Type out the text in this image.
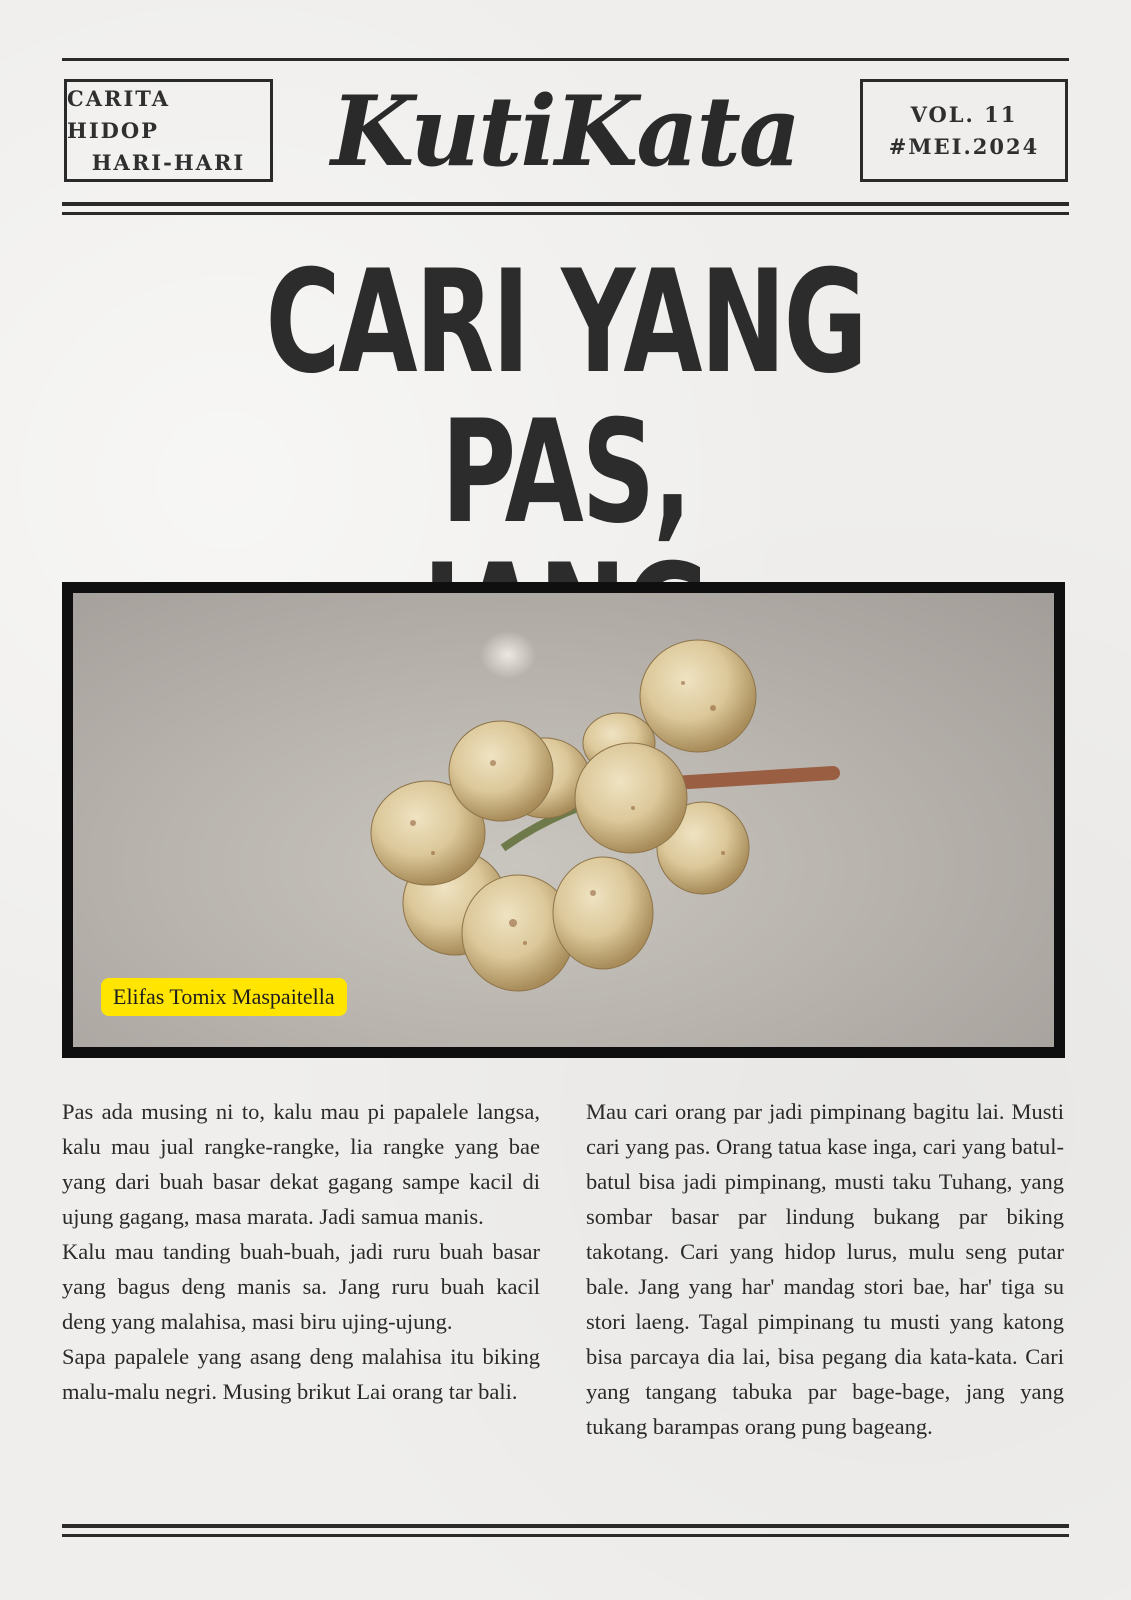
CARITA HIDOP
HARI-HARI KutiKata	VOL. 11
#MEI.2024
CARI YANG PAS,
Elifas Tomix Maspaitella

Pas ada musing ni to, kalu mau pi papalele langsa, kalu mau jual rangke-rangke, lia rangke yang bae yang dari buah basar dekat gagang sampe kacil di ujung gagang, masa marata. Jadi samua manis.

Kalu mau tanding buah-buah, jadi ruru buah basar yang bagus deng manis sa. Jang ruru buah kacil deng yang malahisa, masi biru ujing-ujung.

Sapa papalele yang asang deng malahisa itu biking malu-malu negri. Musing brikut Lai orang tar bali.

Mau cari orang par jadi pimpinang bagitu lai. Musti cari yang pas. Orang tatua kase inga, cari yang batul-batul bisa jadi pimpinang, musti taku Tuhang, yang sombar basar par lindung bukang par biking takotang. Cari yang hidop lurus, mulu seng putar bale. Jang yang har' mandag stori bae, har' tiga su stori laeng. Tagal pimpinang tu musti yang katong bisa parcaya dia lai, bisa pegang dia kata-kata. Cari yang tangang tabuka par bage-bage, jang yang tukang barampas orang pung bageang.
